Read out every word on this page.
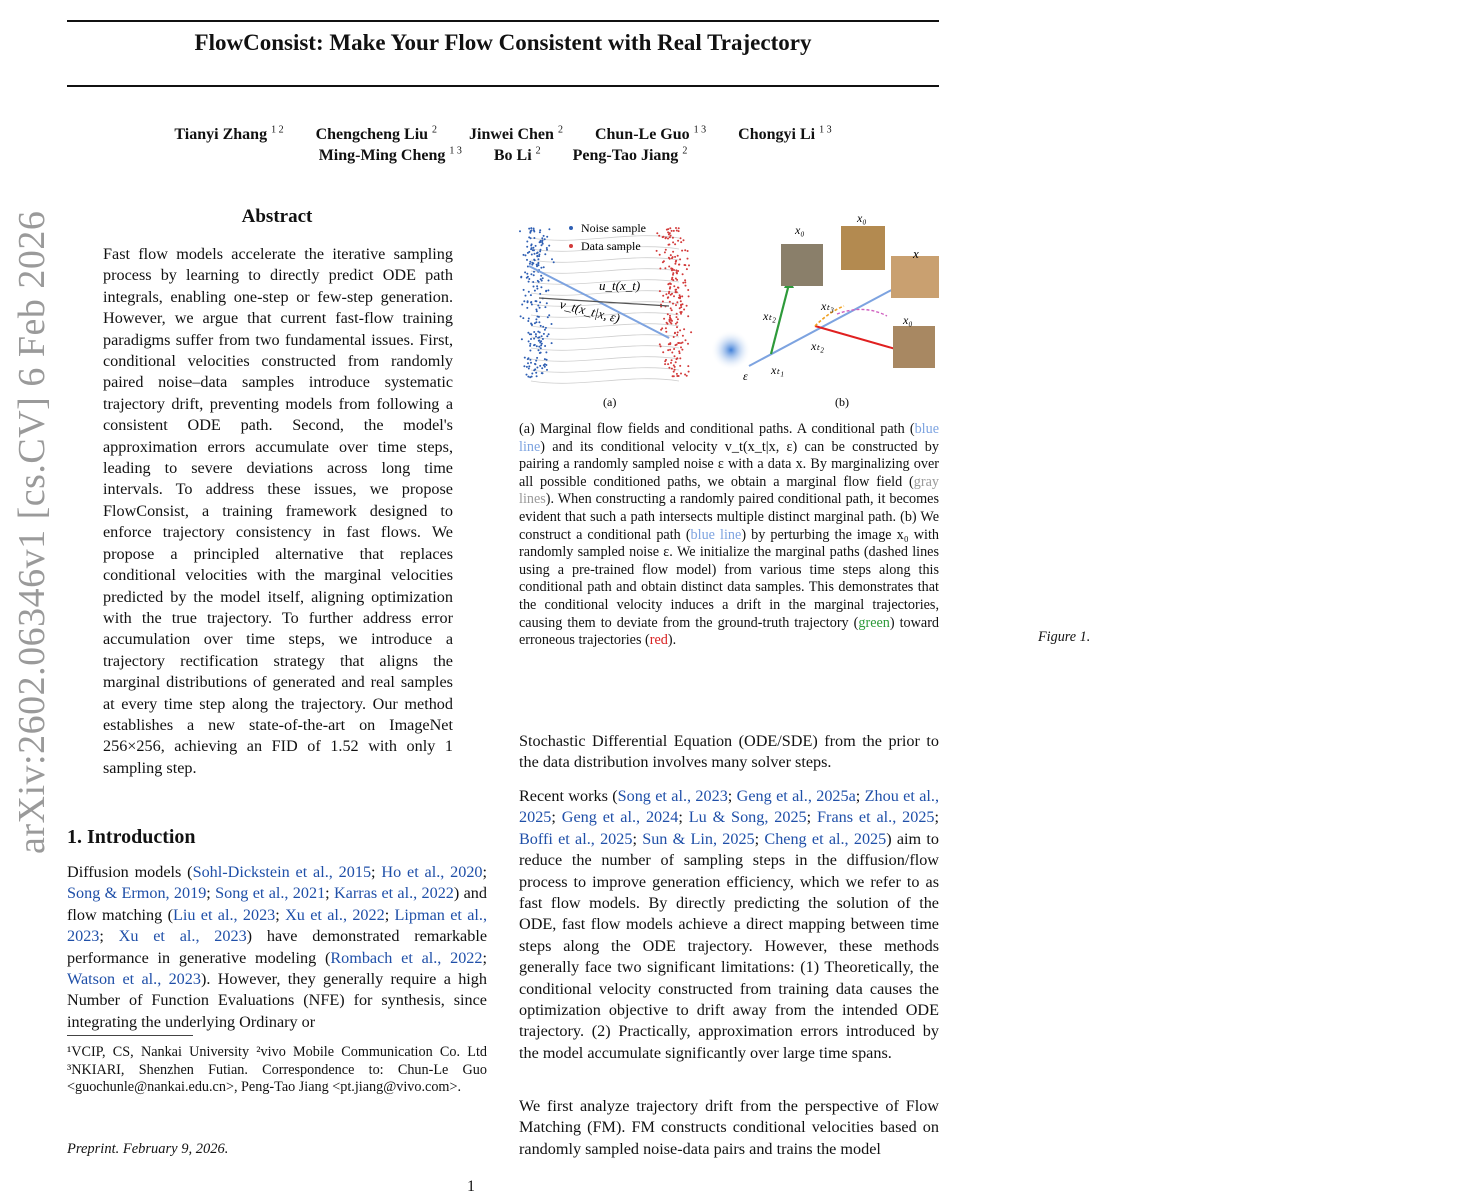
arXiv:2602.06346v1 [cs.CV] 6 Feb 2026
FlowConsist: Make Your Flow Consistent with Real Trajectory
Tianyi Zhang $^{1 2}$ Chengcheng Liu $^2$ Jinwei Chen $^2$ Chun-Le Guo $^{1 3}$ Chongyi Li $^{1 3}$
Ming-Ming Cheng $^{1 3}$ Bo Li $^2$ Peng-Tao Jiang $^2$
Abstract
Fast flow models accelerate the iterative sampling process by learning to directly predict ODE path integrals, enabling one-step or few-step generation. However, we argue that current fast-flow training paradigms suffer from two fundamental issues. First, conditional velocities constructed from randomly paired noise–data samples introduce systematic trajectory drift, preventing models from following a consistent ODE path. Second, the model's approximation errors accumulate over time steps, leading to severe deviations across long time intervals. To address these issues, we propose FlowConsist, a training framework designed to enforce trajectory consistency in fast flows. We propose a principled alternative that replaces conditional velocities with the marginal velocities predicted by the model itself, aligning optimization with the true trajectory. To further address error accumulation over time steps, we introduce a trajectory rectification strategy that aligns the marginal distributions of generated and real samples at every time step along the trajectory. Our method establishes a new state-of-the-art on ImageNet 256×256, achieving an FID of 1.52 with only 1 sampling step.
1. Introduction

Diffusion models (Sohl-Dickstein et al., 2015; Ho et al., 2020; Song & Ermon, 2019; Song et al., 2021; Karras et al., 2022) and flow matching (Liu et al., 2023; Xu et al., 2022; Lipman et al., 2023; Xu et al., 2023) have demonstrated remarkable performance in generative modeling (Rombach et al., 2022; Watson et al., 2023). However, they generally require a high Number of Function Evaluations (NFE) for synthesis, since integrating the underlying Ordinary or

¹VCIP, CS, Nankai University ²vivo Mobile Communication Co. Ltd ³NKIARI, Shenzhen Futian. Correspondence to: Chun-Le Guo <guochunle@nankai.edu.cn>, Peng-Tao Jiang <pt.jiang@vivo.com>.
Preprint. February 9, 2026.
1
Noise sample
Data sample
u_t(x_t)
v_t(x_t|x, ε)
(a)
ε
x₀
x₀
x
x₀
xₜ₂
xₜ₃
xₜ₂
xₜ₁
(b)
Figure 1.
(a) Marginal flow fields and conditional paths. A conditional path (blue line) and its conditional velocity v_t(x_t|x, ε) can be constructed by pairing a randomly sampled noise ε with a data x. By marginalizing over all possible conditioned paths, we obtain a marginal flow field (gray lines). When constructing a randomly paired conditional path, it becomes evident that such a path intersects multiple distinct marginal path. (b) We construct a conditional path (blue line) by perturbing the image x₀ with randomly sampled noise ε. We initialize the marginal paths (dashed lines using a pre-trained flow model) from various time steps along this conditional path and obtain distinct data samples. This demonstrates that the conditional velocity induces a drift in the marginal trajectories, causing them to deviate from the ground-truth trajectory (green) toward erroneous trajectories (red).

Stochastic Differential Equation (ODE/SDE) from the prior to the data distribution involves many solver steps.

Recent works (Song et al., 2023; Geng et al., 2025a; Zhou et al., 2025; Geng et al., 2024; Lu & Song, 2025; Frans et al., 2025; Boffi et al., 2025; Sun & Lin, 2025; Cheng et al., 2025) aim to reduce the number of sampling steps in the diffusion/flow process to improve generation efficiency, which we refer to as fast flow models. By directly predicting the solution of the ODE, fast flow models achieve a direct mapping between time steps along the ODE trajectory. However, these methods generally face two significant limitations: (1) Theoretically, the conditional velocity constructed from training data causes the optimization objective to drift away from the intended ODE trajectory. (2) Practically, approximation errors introduced by the model accumulate significantly over large time spans.

We first analyze trajectory drift from the perspective of Flow Matching (FM). FM constructs conditional velocities based on randomly sampled noise-data pairs and trains the model
